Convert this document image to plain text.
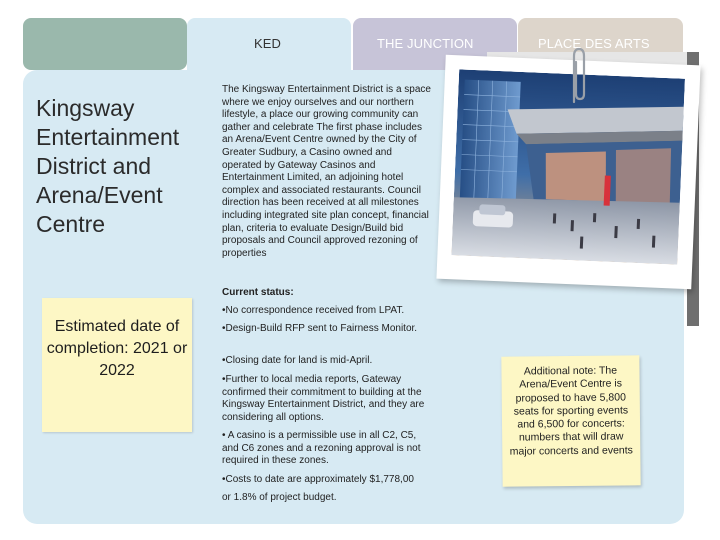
KED	THE JUNCTION	PLACE DES ARTS
Kingsway Entertainment District and Arena/Event Centre
Estimated date of completion: 2021 or 2022
The Kingsway Entertainment District is a space where we enjoy ourselves and our northern lifestyle, a place our growing community can gather and celebrate The first phase includes an Arena/Event Centre owned by the City of Greater Sudbury, a Casino owned and operated by Gateway Casinos and Entertainment Limited, an adjoining hotel complex and associated restaurants. Council direction has been received at all milestones including integrated site plan concept, financial plan, criteria to evaluate Design/Build bid proposals and Council approved rezoning of properties
Current status:
•No correspondence received from LPAT.
•Design-Build RFP sent to Fairness Monitor.
•Closing date for land is mid-April.
•Further to local media reports, Gateway confirmed their commitment to building at the Kingsway Entertainment District, and they are considering all options.
• A casino is a permissible use in all C2, C5, and C6 zones and a rezoning approval is not required in these zones.
•Costs to date are approximately $1,778,00
or 1.8% of project budget.
Additional note: The Arena/Event Centre is proposed to have 5,800 seats for sporting events and 6,500 for concerts: numbers that will draw major concerts and events
